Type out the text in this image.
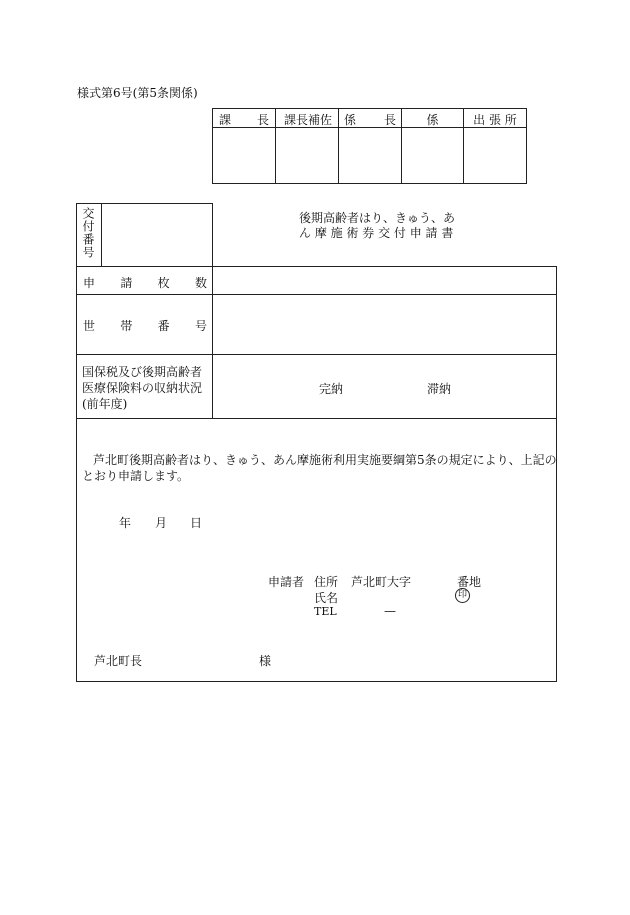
様式第6号(第5条関係)
課 長	課長補佐	係 長	係	出 張 所
交付番号	後期高齢者はり、きゅう、あ
ん 摩 施 術 券 交 付 申 請 書
申 請 枚 数
世 帯 番 号
国保税及び後期高齢者
医療保険料の収納状況
(前年度)
完納	滞納
芦北町後期高齢者はり、きゅう、あん摩施術利用実施要綱第5条の規定により、上記の
とおり申請します。
年 月 日
申請者 住所 芦北町大字	番地
氏名	印
TEL	—
芦北町長	様
